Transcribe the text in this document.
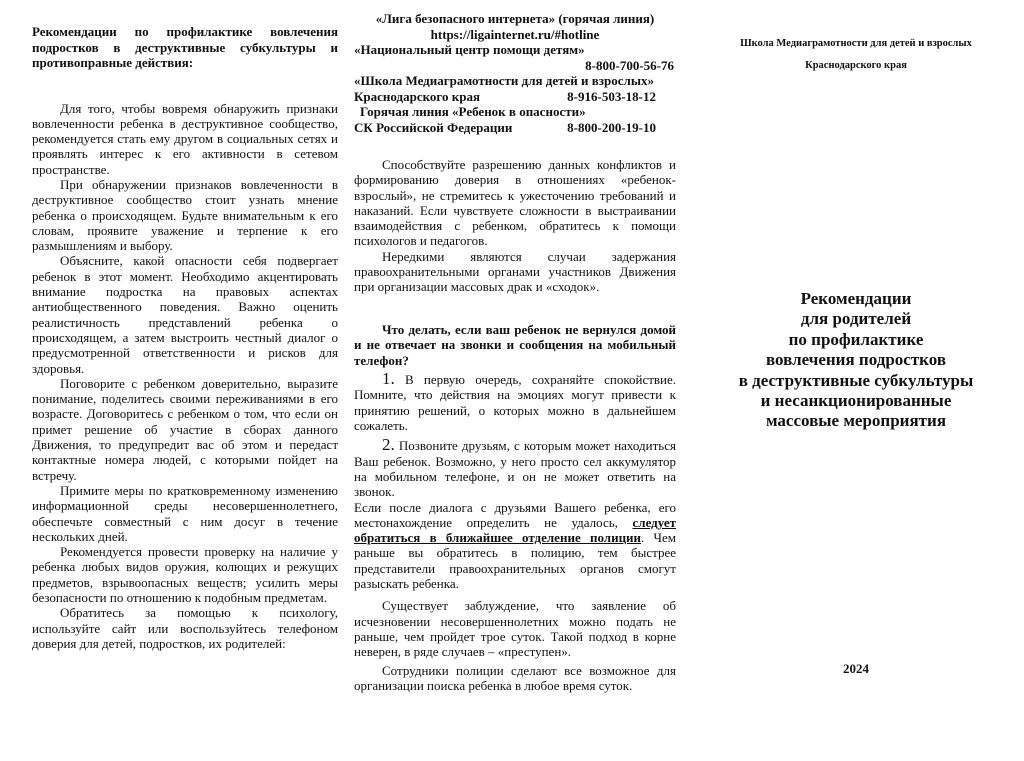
Рекомендации по профилактике вовлечения подростков в деструктивные субкультуры и противоправные действия:

Для того, чтобы вовремя обнаружить признаки вовлеченности ребенка в деструктивное сообщество, рекомендуется стать ему другом в социальных сетях и проявлять интерес к его активности в сетевом пространстве.

При обнаружении признаков вовлеченности в деструктивное сообщество стоит узнать мнение ребенка о происходящем. Будьте внимательным к его словам, проявите уважение и терпение к его размышлениям и выбору.

Объясните, какой опасности себя подвергает ребенок в этот момент. Необходимо акцентировать внимание подростка на правовых аспектах антиобщественного поведения. Важно оценить реалистичность представлений ребенка о происходящем, а затем выстроить честный диалог о предусмотренной ответственности и рисков для здоровья.

Поговорите с ребенком доверительно, выразите понимание, поделитесь своими переживаниями в его возрасте. Договоритесь с ребенком о том, что если он примет решение об участие в сборах данного Движения, то предупредит вас об этом и передаст контактные номера людей, с которыми пойдет на встречу.

Примите меры по кратковременному изменению информационной среды несовершеннолетнего, обеспечьте совместный с ним досуг в течение нескольких дней.

Рекомендуется провести проверку на наличие у ребенка любых видов оружия, колющих и режущих предметов, взрывоопасных веществ; усилить меры безопасности по отношению к подобным предметам.

Обратитесь за помощью к психологу, используйте сайт или воспользуйтесь телефоном доверия для детей, подростков, их родителей:

«Лига безопасного интернета» (горячая линия)
https://ligainternet.ru/#hotline
«Национальный центр помощи детям»
8-800-700-56-76
«Школа Медиаграмотности для детей и взрослых»
Краснодарского края	8-916-503-18-12
Горячая линия «Ребенок в опасности»
СК Российской Федерации	8-800-200-19-10

Способствуйте разрешению данных конфликтов и формированию доверия в отношениях «ребенок-взрослый», не стремитесь к ужесточению требований и наказаний. Если чувствуете сложности в выстраивании взаимодействия с ребенком, обратитесь к помощи психологов и педагогов.

Нередкими являются случаи задержания правоохранительными органами участников Движения при организации массовых драк и «сходок».

Что делать, если ваш ребенок не вернулся домой и не отвечает на звонки и сообщения на мобильный телефон?

1. В первую очередь, сохраняйте спокойствие. Помните, что действия на эмоциях могут привести к принятию решений, о которых можно в дальнейшем сожалеть.

2. Позвоните друзьям, с которым может находиться Ваш ребенок. Возможно, у него просто сел аккумулятор на мобильном телефоне, и он не может ответить на звонок.

Если после диалога с друзьями Вашего ребенка, его местонахождение определить не удалось, следует обратиться в ближайшее отделение полиции. Чем раньше вы обратитесь в полицию, тем быстрее представители правоохранительных органов смогут разыскать ребенка.

Существует заблуждение, что заявление об исчезновении несовершеннолетних можно подать не раньше, чем пройдет трое суток. Такой подход в корне неверен, в ряде случаев – «преступен».

Сотрудники полиции сделают все возможное для организации поиска ребенка в любое время суток.

Школа Медиаграмотности для детей и взрослых
Краснодарского края
Рекомендации
для родителей
по профилактике
вовлечения подростков
в деструктивные субкультуры
и несанкционированные
массовые мероприятия
2024
